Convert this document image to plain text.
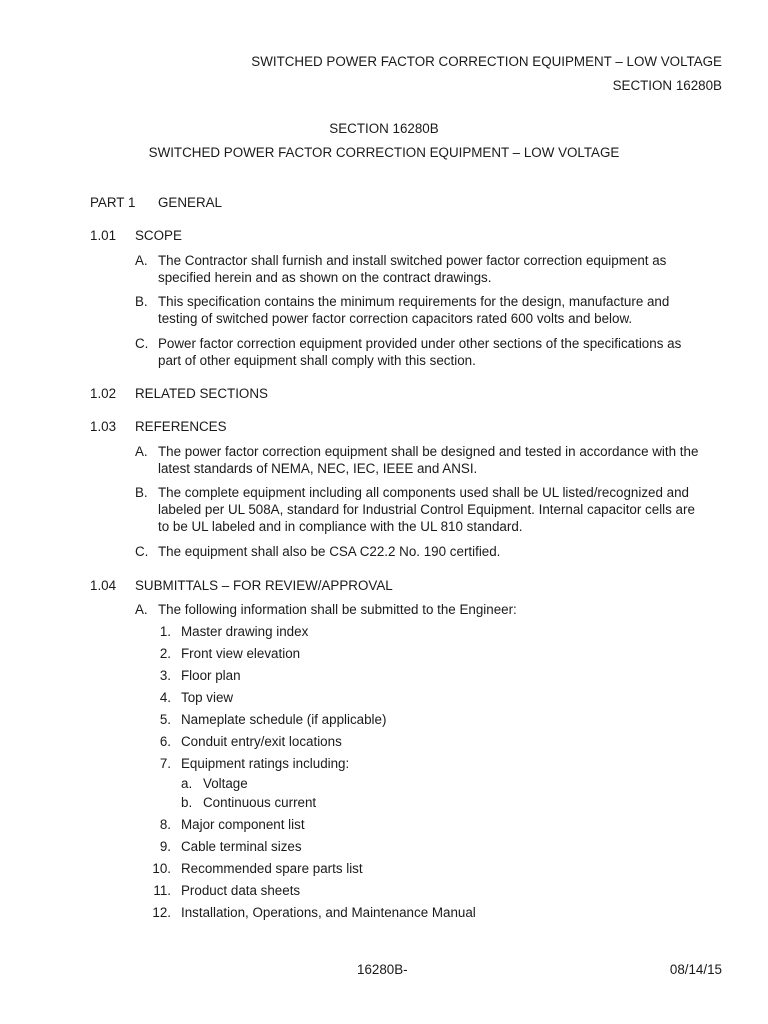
SWITCHED POWER FACTOR CORRECTION EQUIPMENT – LOW VOLTAGE
SECTION 16280B
SECTION 16280B
SWITCHED POWER FACTOR CORRECTION EQUIPMENT – LOW VOLTAGE
PART 1 GENERAL
1.01 SCOPE
A. The Contractor shall furnish and install switched power factor correction equipment as
specified herein and as shown on the contract drawings.
B. This specification contains the minimum requirements for the design, manufacture and
testing of switched power factor correction capacitors rated 600 volts and below.
C. Power factor correction equipment provided under other sections of the specifications as
part of other equipment shall comply with this section.
1.02 RELATED SECTIONS
1.03 REFERENCES
A. The power factor correction equipment shall be designed and tested in accordance with the
latest standards of NEMA, NEC, IEC, IEEE and ANSI.
B. The complete equipment including all components used shall be UL listed/recognized and
labeled per UL 508A, standard for Industrial Control Equipment. Internal capacitor cells are
to be UL labeled and in compliance with the UL 810 standard.
C. The equipment shall also be CSA C22.2 No. 190 certified.
1.04 SUBMITTALS – FOR REVIEW/APPROVAL
A. The following information shall be submitted to the Engineer:
1. Master drawing index
2. Front view elevation
3. Floor plan
4. Top view
5. Nameplate schedule (if applicable)
6. Conduit entry/exit locations
7. Equipment ratings including:
a. Voltage
b. Continuous current
8. Major component list
9. Cable terminal sizes
10. Recommended spare parts list
11. Product data sheets
12. Installation, Operations, and Maintenance Manual
16280B-	08/14/15
